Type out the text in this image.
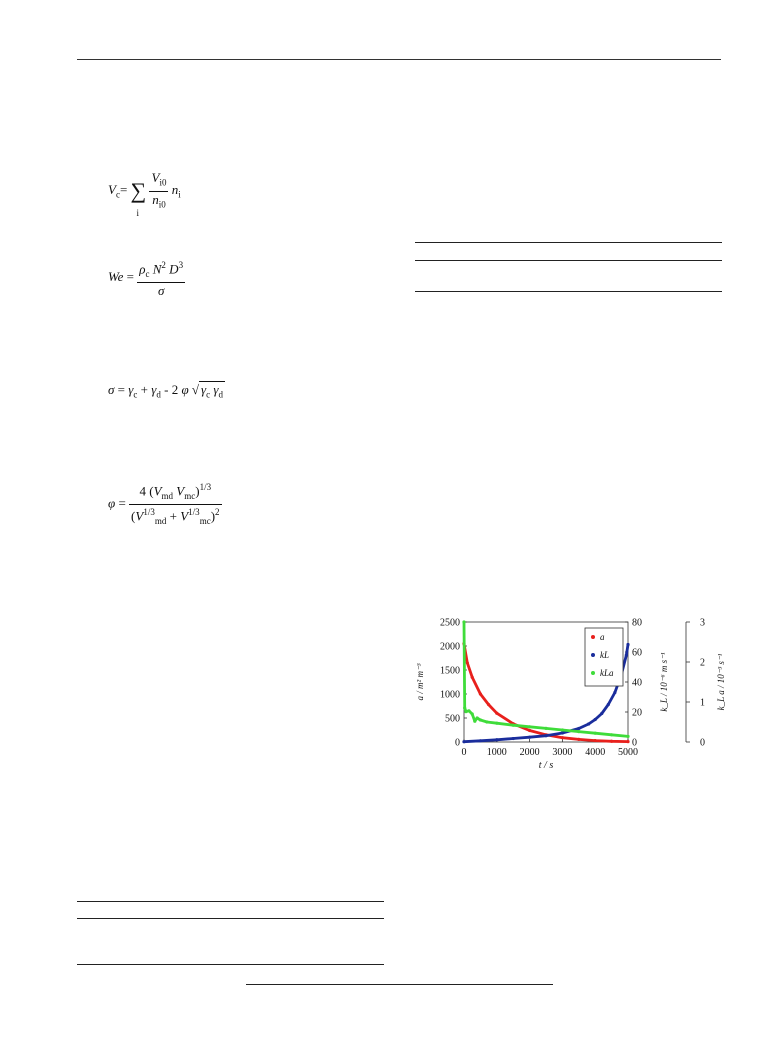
$V_c=$ ∑
i

$\frac{V_{i0}}{n_{i0}} n_i$
$We = \frac{\rho_c N^2 D^3}{\sigma}$
$\sigma = \gamma_c + \gamma_d - 2$ φ √ $\gamma_c$ $\gamma_d$
$\varphi = \frac{4 (V_{md} V_{mc})^{1/3}}{(V^{1/3}_{md} + V^{1/3}_{mc})^2}$
0 1000 2000 3000 4000 5000
t / s
0
500
1000
1500
2000
2500
a / m² m⁻³
0
20
40
60
80
k_L / 10⁻⁶ m s⁻¹
0
1
2
3
k_L a / 10⁻³ s⁻¹
a
kL
kLa
